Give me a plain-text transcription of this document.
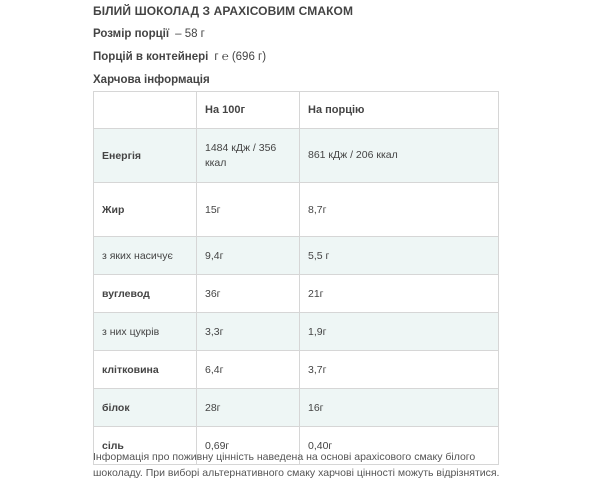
БІЛИЙ ШОКОЛАД З АРАХІСОВИМ СМАКОМ
Розмір порції – 58 г
Порцій в контейнері г ℮ (696 г)
Харчова інформація
	На 100г	На порцію
Енергія	1484 кДж / 356 ккал	861 кДж / 206 ккал

Жир	15г	8,7г
з яких насичує	9,4г	5,5 г
вуглевод	36г	21г
з них цукрів	3,3г	1,9г
клітковина	6,4г	3,7г
білок	28г	16г
сіль	0,69г	0,40г
Інформація про поживну цінність наведена на основі арахісового смаку білого шоколаду. При виборі альтернативного смаку харчові цінності можуть відрізнятися.
